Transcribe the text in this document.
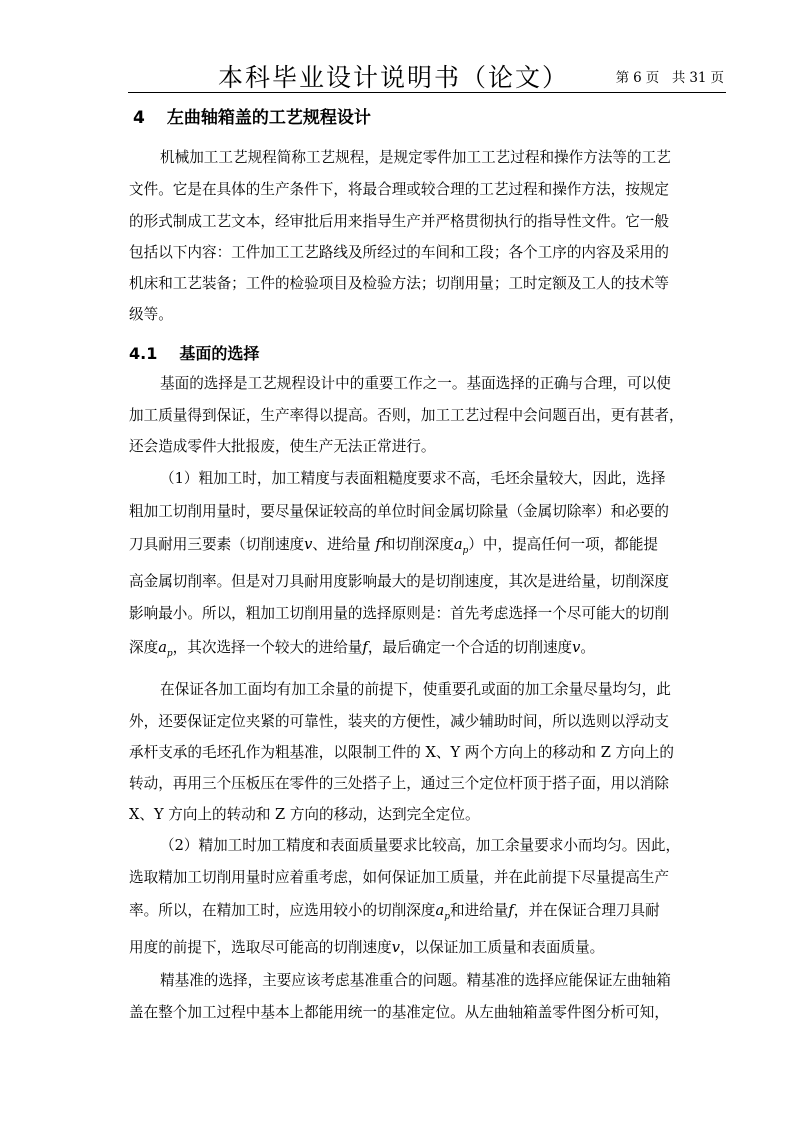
本科毕业设计说明书（论文）	第 6 页 共 31 页
4 左曲轴箱盖的工艺规程设计
机械加工工艺规程简称工艺规程，是规定零件加工工艺过程和操作方法等的工艺
文件。它是在具体的生产条件下，将最合理或较合理的工艺过程和操作方法，按规定
的形式制成工艺文本，经审批后用来指导生产并严格贯彻执行的指导性文件。它一般
包括以下内容：工件加工工艺路线及所经过的车间和工段；各个工序的内容及采用的
机床和工艺装备；工件的检验项目及检验方法；切削用量；工时定额及工人的技术等
级等。
4.1 基面的选择
基面的选择是工艺规程设计中的重要工作之一。基面选择的正确与合理，可以使
加工质量得到保证，生产率得以提高。否则，加工工艺过程中会问题百出，更有甚者，
还会造成零件大批报废，使生产无法正常进行。
（1）粗加工时，加工精度与表面粗糙度要求不高，毛坯余量较大，因此，选择
粗加工切削用量时，要尽量保证较高的单位时间金属切除量（金属切除率）和必要的
刀具耐用三要素（切削速度v、进给量 f和切削深度$a_p$）中，提高任何一项，都能提
高金属切削率。但是对刀具耐用度影响最大的是切削速度，其次是进给量，切削深度
影响最小。所以，粗加工切削用量的选择原则是：首先考虑选择一个尽可能大的切削
深度$a_p$，其次选择一个较大的进给量f，最后确定一个合适的切削速度v。
在保证各加工面均有加工余量的前提下，使重要孔或面的加工余量尽量均匀，此
外，还要保证定位夹紧的可靠性，装夹的方便性，减少辅助时间，所以选则以浮动支
承杆支承的毛坯孔作为粗基准，以限制工件的 X、Y 两个方向上的移动和 Z 方向上的
转动，再用三个压板压在零件的三处搭子上，通过三个定位杆顶于搭子面，用以消除
X、Y 方向上的转动和 Z 方向的移动，达到完全定位。
（2）精加工时加工精度和表面质量要求比较高，加工余量要求小而均匀。因此，
选取精加工切削用量时应着重考虑，如何保证加工质量，并在此前提下尽量提高生产
率。所以，在精加工时，应选用较小的切削深度$a_p$和进给量f，并在保证合理刀具耐
用度的前提下，选取尽可能高的切削速度v，以保证加工质量和表面质量。
精基准的选择，主要应该考虑基准重合的问题。精基准的选择应能保证左曲轴箱
盖在整个加工过程中基本上都能用统一的基准定位。从左曲轴箱盖零件图分析可知，
